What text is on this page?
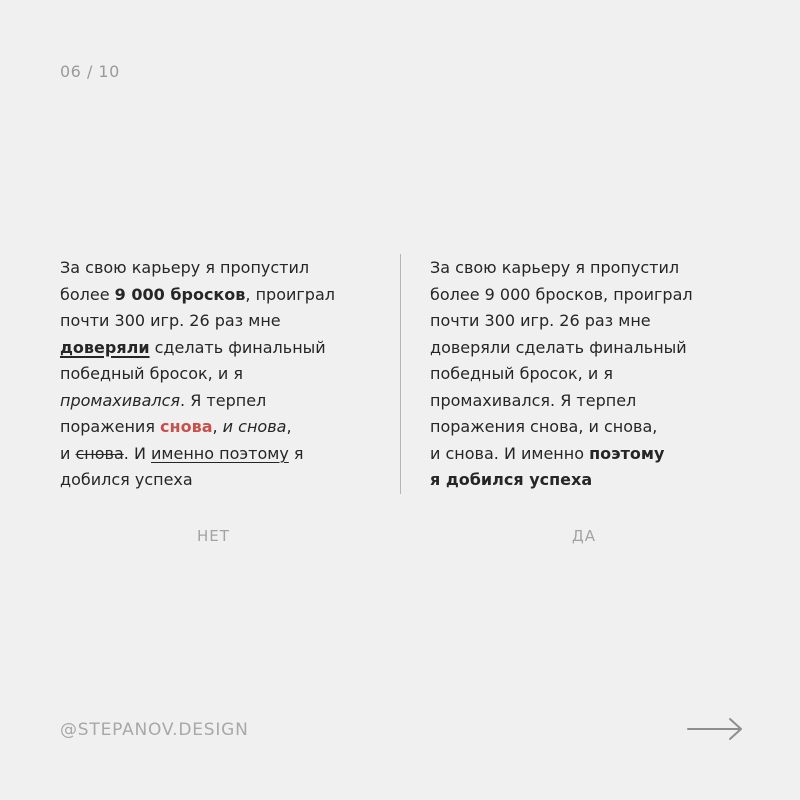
06 / 10
За свою карьеру я пропустил
более 9 000 бросков, проиграл
почти 300 игр. 26 раз мне
доверяли сделать финальный
победный бросок, и я
промахивался. Я терпел
поражения снова, и снова,
и снова. И именно поэтому я
добился успеха
За свою карьеру я пропустил
более 9 000 бросков, проиграл
почти 300 игр. 26 раз мне
доверяли сделать финальный
победный бросок, и я
промахивался. Я терпел
поражения снова, и снова,
и снова. И именно поэтому
я добился успеха
НЕТ	ДА
@STEPANOV.DESIGN
